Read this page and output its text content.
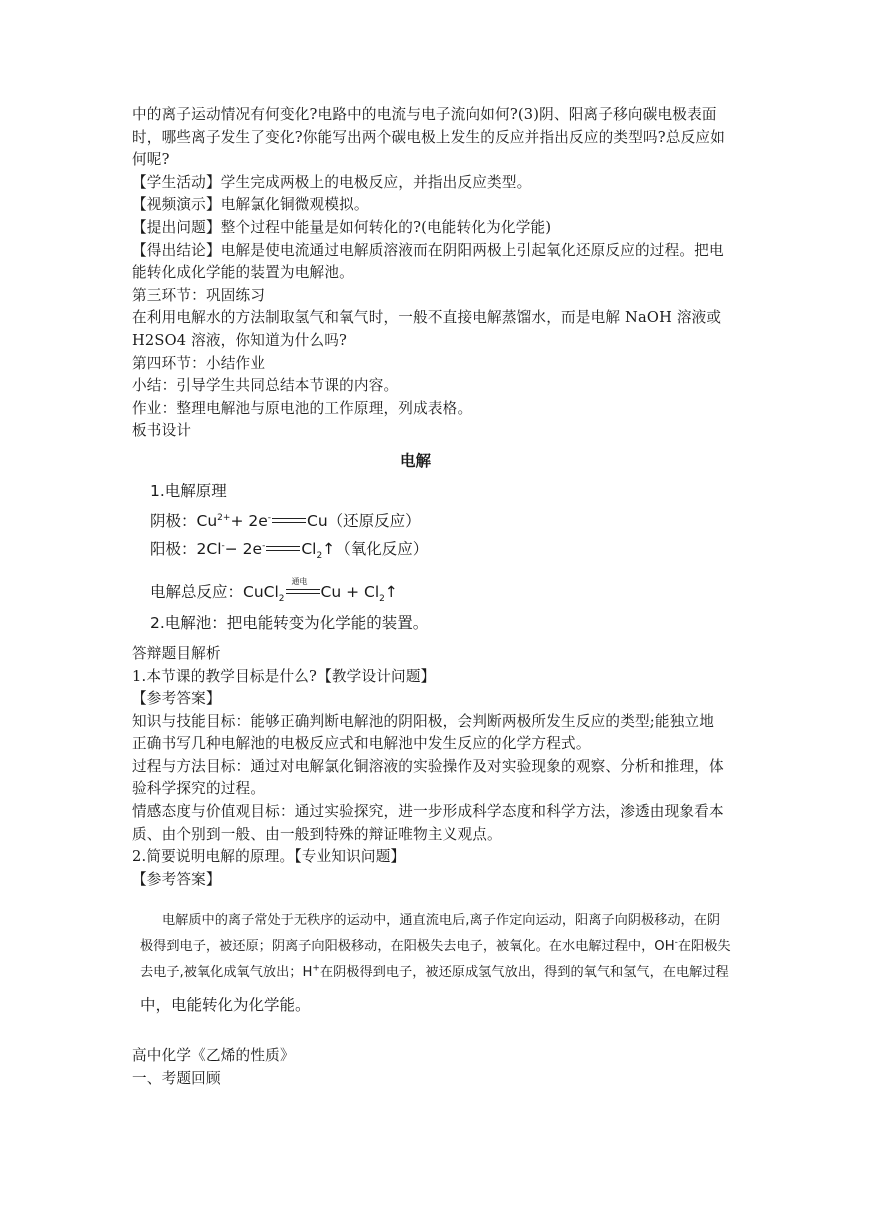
中的离子运动情况有何变化?电路中的电流与电子流向如何?(3)阴、阳离子移向碳电极表面
时，哪些离子发生了变化?你能写出两个碳电极上发生的反应并指出反应的类型吗?总反应如
何呢?
【学生活动】学生完成两极上的电极反应，并指出反应类型。
【视频演示】电解氯化铜微观模拟。
【提出问题】整个过程中能量是如何转化的?(电能转化为化学能)
【得出结论】电解是使电流通过电解质溶液而在阴阳两极上引起氧化还原反应的过程。把电
能转化成化学能的装置为电解池。
第三环节：巩固练习
在利用电解水的方法制取氢气和氧气时，一般不直接电解蒸馏水，而是电解 NaOH 溶液或
H2SO4 溶液，你知道为什么吗?
第四环节：小结作业
小结：引导学生共同总结本节课的内容。
作业：整理电解池与原电池的工作原理，列成表格。
板书设计
电解
1.电解原理
阴极：$Cu^{2+}+ 2e^-$ Cu（还原反应）
阳极：2Cl-− 2e- $Cl_2↑$（氧化反应）
电解总反应：CuCl$_2$
通电
$Cu + Cl_2↑$
2.电解池：把电能转变为化学能的装置。
答辩题目解析
1.本节课的教学目标是什么?【教学设计问题】
【参考答案】
知识与技能目标：能够正确判断电解池的阴阳极，会判断两极所发生反应的类型;能独立地
正确书写几种电解池的电极反应式和电解池中发生反应的化学方程式。
过程与方法目标：通过对电解氯化铜溶液的实验操作及对实验现象的观察、分析和推理，体
验科学探究的过程。
情感态度与价值观目标：通过实验探究，进一步形成科学态度和科学方法，渗透由现象看本
质、由个别到一般、由一般到特殊的辩证唯物主义观点。
2.简要说明电解的原理。【专业知识问题】
【参考答案】
电解质中的离子常处于无秩序的运动中，通直流电后,离子作定向运动，阳离子向阴极移动，在阴
极得到电子，被还原；阴离子向阳极移动，在阳极失去电子，被氧化。在水电解过程中，OH-在阳极失
去电子,被氧化成氧气放出；H+在阴极得到电子，被还原成氢气放出，得到的氧气和氢气，在电解过程
中，电能转化为化学能。
高中化学《乙烯的性质》
一、考题回顾
